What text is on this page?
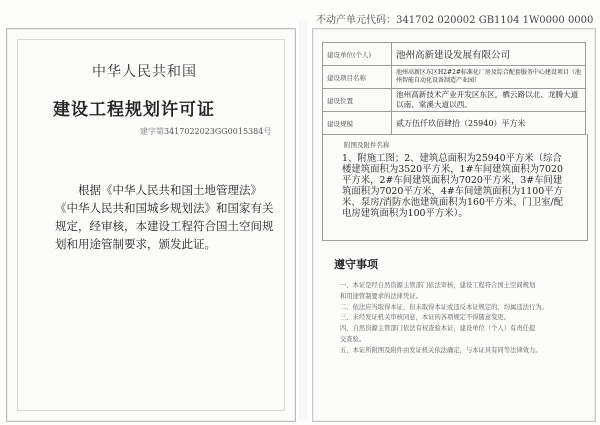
不动产单元代码：341702 020002 GB1104 1W0000 0000
中华人民共和国
建设工程规划许可证
建字第3417022023GG0015384号
根据《中华人民共和国土地管理法》《中华人民共和国城乡规划法》和国家有关规定，经审核，本建设工程符合国土空间规划和用途管制要求，颁发此证。
建设单位(个人)	池州高新建设发展有限公司
建设项目名称	池州高新区东区H2#2#标准化厂房及综合配套服务中心建设项目（池州智能自动化设备制造产业园）
建设位置	池州高新技术产业开发区东区，栖云路以北、龙腾大道以南、棠溪大道以西。
建设规模	贰万伍仟玖佰肆拾（25940）平方米
附图及附件名称
1、附施工图；2、建筑总面积为25940平方米（综合楼建筑面积为3520平方米，1#车间建筑面积为7020平方米，2#车间建筑面积为7020平方米，3#车间建筑面积为7020平方米，4#车间建筑面积为1100平方米、泵房/消防水池建筑面积为160平方米、门卫室/配电房建筑面积为100平方米）。
遵守事项
一、本证是经自然资源主管部门依法审核，建设工程符合国土空间规划
和用途管制要求的法律凭证。
二、依法应当取得本证，但未取得本证或违反本证规定的，均属违法行为。
三、未经发证机关审核同意，本证的各项规定不得随意变更。
四、自然资源主管部门依法有权查验本证，建设单位（个人）有责任提
交查验。
五、本证所附图及附件由发证机关依法确定，与本证具有同等法律效力。
